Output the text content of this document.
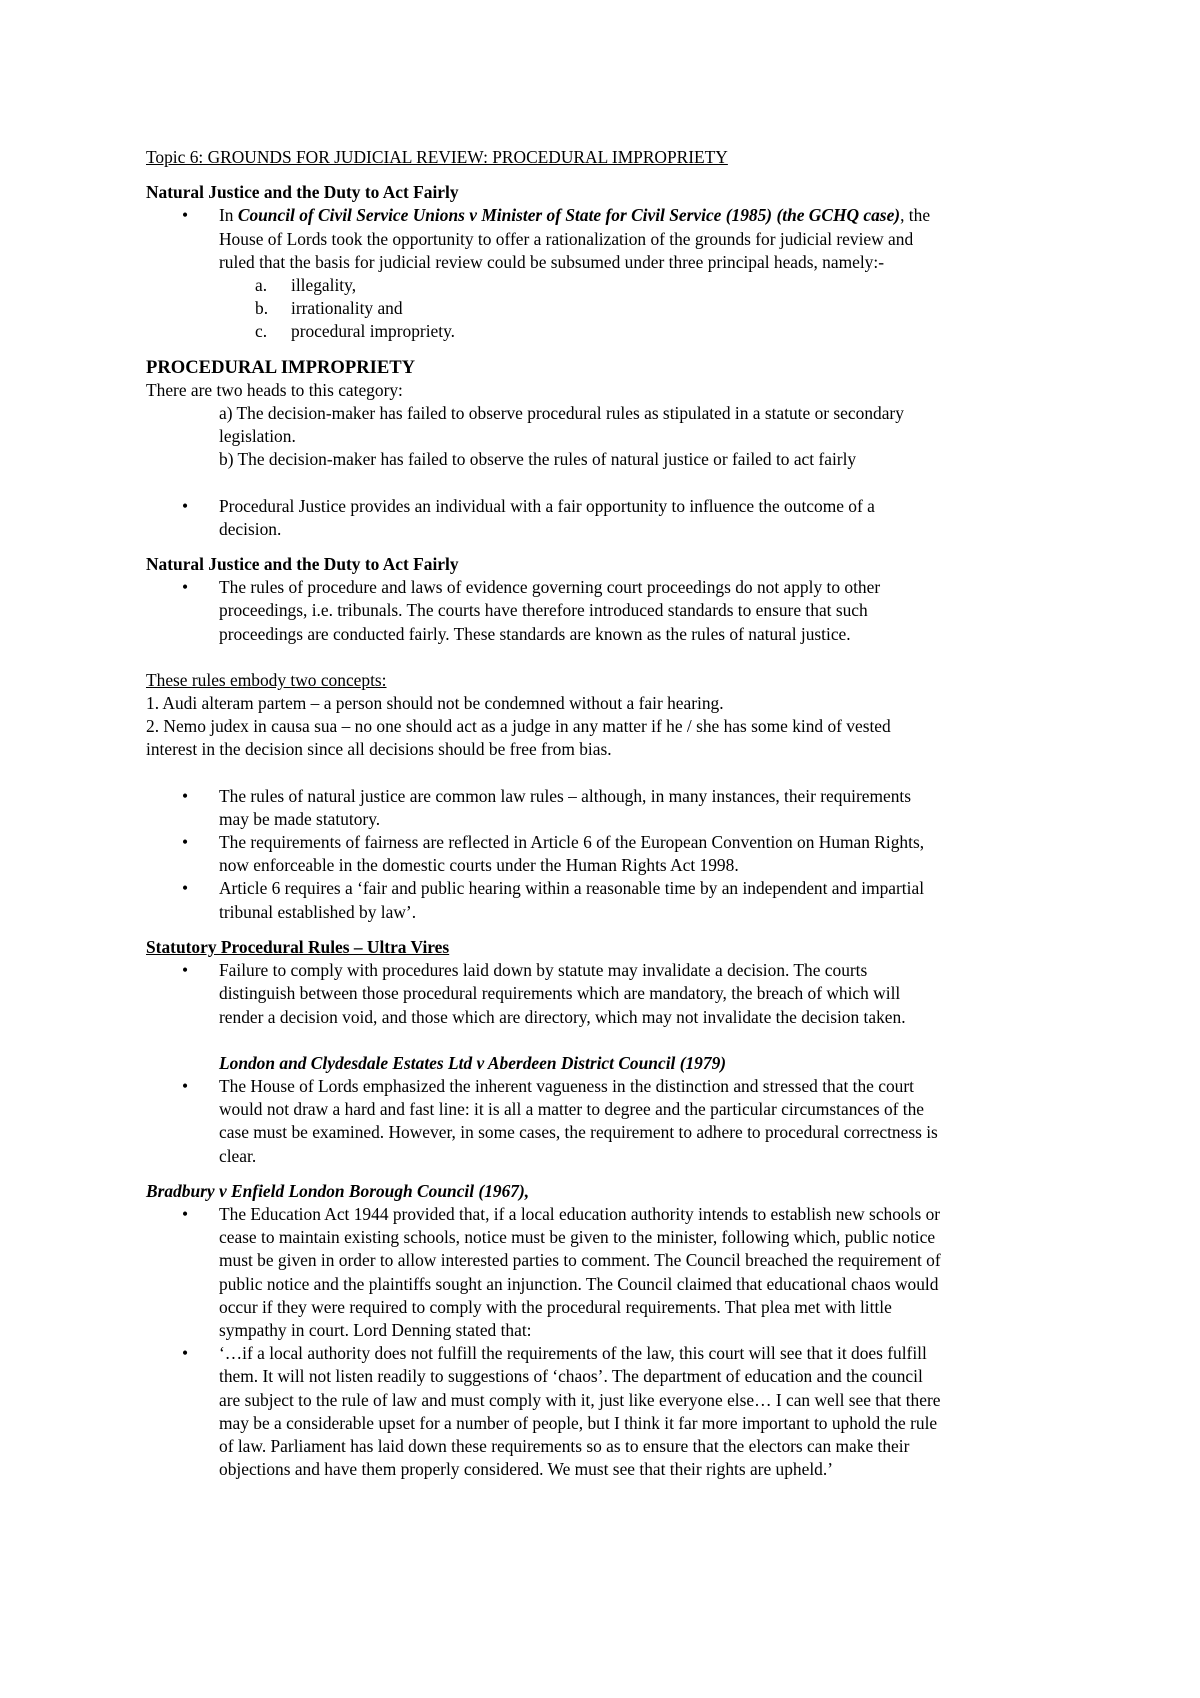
Topic 6: GROUNDS FOR JUDICIAL REVIEW: PROCEDURAL IMPROPRIETY

Natural Justice and the Duty to Act Fairly

• In Council of Civil Service Unions v Minister of State for Civil Service (1985) (the GCHQ case), the

House of Lords took the opportunity to offer a rationalization of the grounds for judicial review and

ruled that the basis for judicial review could be subsumed under three principal heads, namely:-

a. illegality,

b. irrationality and

c. procedural impropriety.

PROCEDURAL IMPROPRIETY

There are two heads to this category:

a) The decision-maker has failed to observe procedural rules as stipulated in a statute or secondary

legislation.

b) The decision-maker has failed to observe the rules of natural justice or failed to act fairly

• Procedural Justice provides an individual with a fair opportunity to influence the outcome of a

decision.

Natural Justice and the Duty to Act Fairly

• The rules of procedure and laws of evidence governing court proceedings do not apply to other

proceedings, i.e. tribunals. The courts have therefore introduced standards to ensure that such

proceedings are conducted fairly. These standards are known as the rules of natural justice.

These rules embody two concepts:

1. Audi alteram partem – a person should not be condemned without a fair hearing.

2. Nemo judex in causa sua – no one should act as a judge in any matter if he / she has some kind of vested

interest in the decision since all decisions should be free from bias.

• The rules of natural justice are common law rules – although, in many instances, their requirements

may be made statutory.

• The requirements of fairness are reflected in Article 6 of the European Convention on Human Rights,

now enforceable in the domestic courts under the Human Rights Act 1998.

• Article 6 requires a ‘fair and public hearing within a reasonable time by an independent and impartial

tribunal established by law’.

Statutory Procedural Rules – Ultra Vires

• Failure to comply with procedures laid down by statute may invalidate a decision. The courts

distinguish between those procedural requirements which are mandatory, the breach of which will

render a decision void, and those which are directory, which may not invalidate the decision taken.

London and Clydesdale Estates Ltd v Aberdeen District Council (1979)

• The House of Lords emphasized the inherent vagueness in the distinction and stressed that the court

would not draw a hard and fast line: it is all a matter to degree and the particular circumstances of the

case must be examined. However, in some cases, the requirement to adhere to procedural correctness is

clear.

Bradbury v Enfield London Borough Council (1967),

• The Education Act 1944 provided that, if a local education authority intends to establish new schools or

cease to maintain existing schools, notice must be given to the minister, following which, public notice

must be given in order to allow interested parties to comment. The Council breached the requirement of

public notice and the plaintiffs sought an injunction. The Council claimed that educational chaos would

occur if they were required to comply with the procedural requirements. That plea met with little

sympathy in court. Lord Denning stated that:

• ‘…if a local authority does not fulfill the requirements of the law, this court will see that it does fulfill

them. It will not listen readily to suggestions of ‘chaos’. The department of education and the council

are subject to the rule of law and must comply with it, just like everyone else… I can well see that there

may be a considerable upset for a number of people, but I think it far more important to uphold the rule

of law. Parliament has laid down these requirements so as to ensure that the electors can make their

objections and have them properly considered. We must see that their rights are upheld.’
